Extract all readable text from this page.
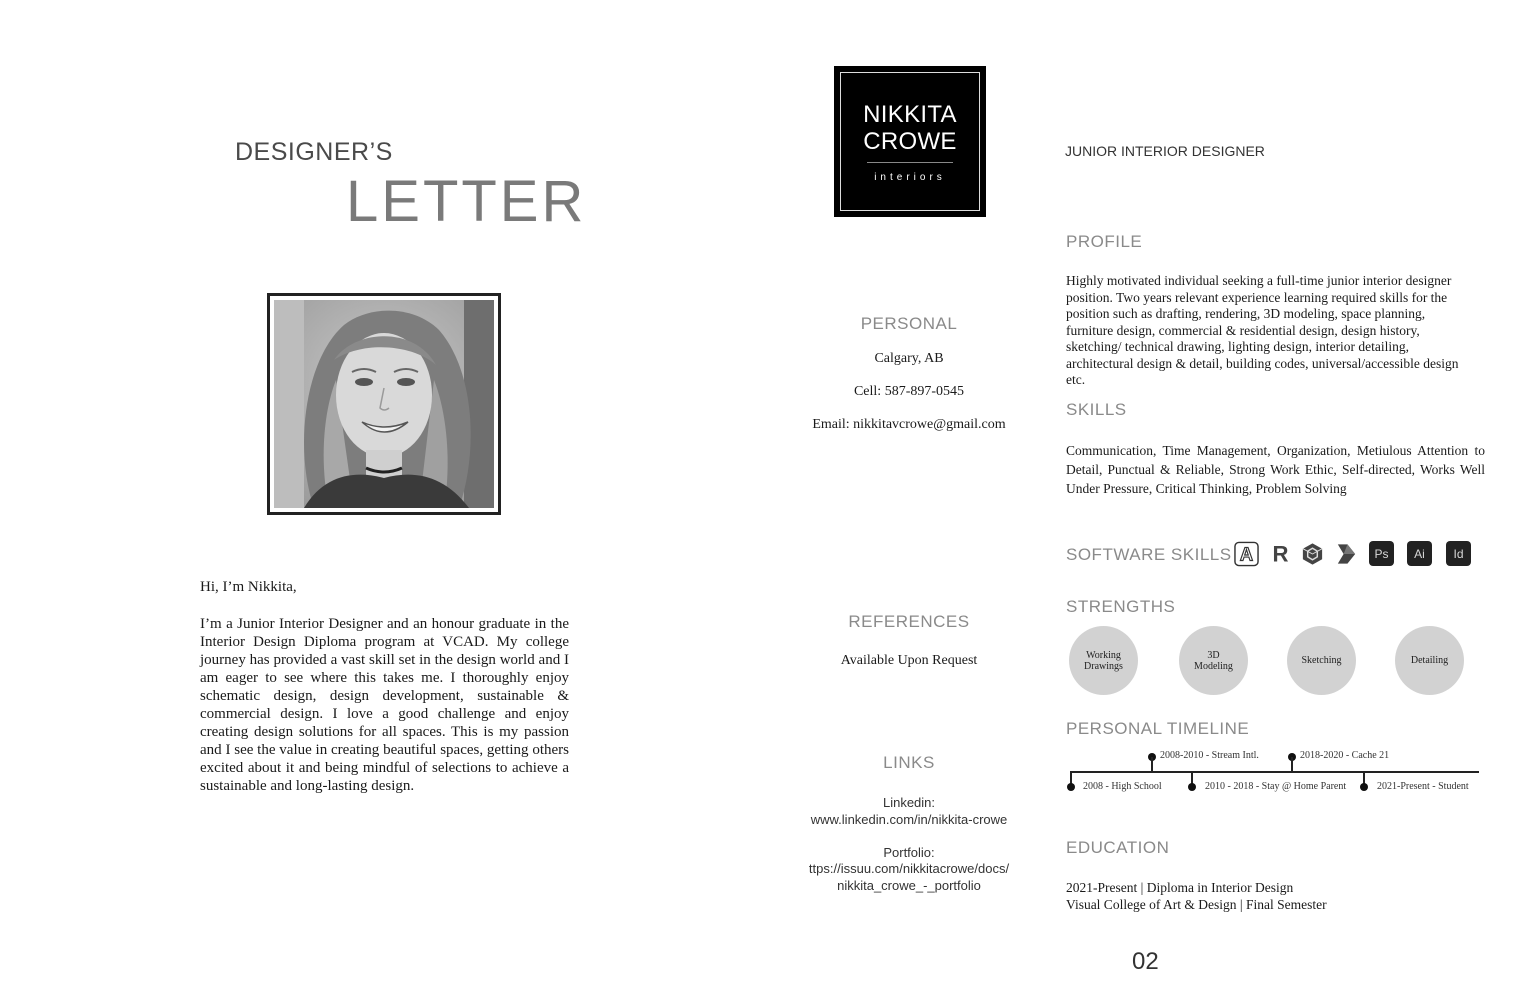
DESIGNER’S
LETTER
Hi, I’m Nikkita,
I’m a Junior Interior Designer and an honour graduate in the Interior Design Diploma program at VCAD. My college journey has provided a vast skill set in the design world and I am eager to see where this takes me. I thoroughly enjoy schematic design, design development, sustainable & commercial design. I love a good challenge and enjoy creating design solutions for all spaces. This is my passion and I see the value in creating beautiful spaces, getting others excited about it and being mindful of selections to achieve a sustainable and long-lasting design.
NIKKITA
CROWE
interiors
JUNIOR INTERIOR DESIGNER
PERSONAL
Calgary, AB
Cell: 587-897-0545
Email: nikkitavcrowe@gmail.com
REFERENCES
Available Upon Request
LINKS
Linkedin:
www.linkedin.com/in/nikkita-crowe
Portfolio:
ttps://issuu.com/nikkitacrowe/docs/
nikkita_crowe_-_portfolio
PROFILE
Highly motivated individual seeking a full-time junior interior designer position. Two years relevant experience learning required skills for the position such as drafting, rendering, 3D modeling, space planning, furniture design, commercial & residential design, design history, sketching/ technical drawing, lighting design, interior detailing, architectural design & detail, building codes, universal/accessible design etc.
SKILLS
Communication, Time Management, Organization, Metiulous Attention to Detail, Punctual & Reliable, Strong Work Ethic, Self-directed, Works Well Under Pressure, Critical Thinking, Problem Solving
SOFTWARE SKILLS A R	Ps	Ai	Id
STRENGTHS
Working
Drawings
3D
Modeling	Sketching	Detailing
PERSONAL TIMELINE
2008-2010 - Stream Intl.	2018-2020 - Cache 21
2008 - High School	2010 - 2018 - Stay @ Home Parent	2021-Present - Student
EDUCATION
2021-Present | Diploma in Interior Design
Visual College of Art & Design | Final Semester
02
